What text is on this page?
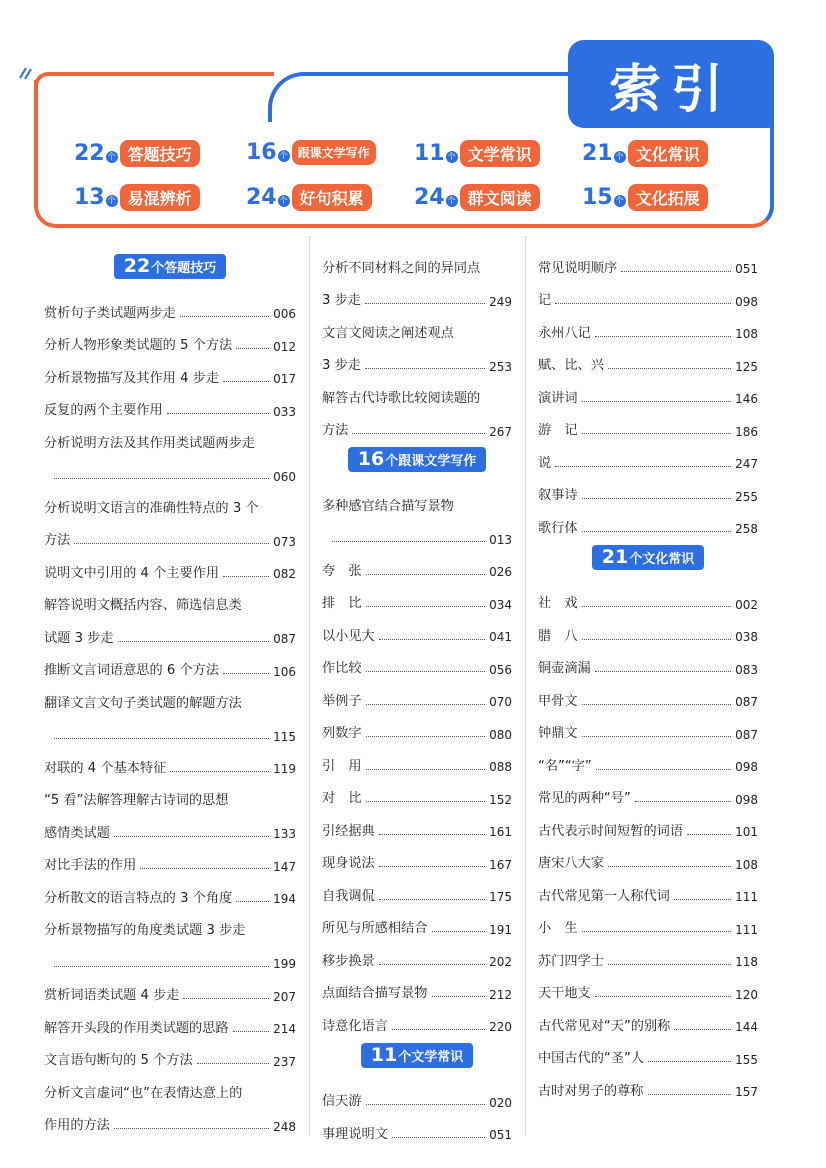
索引
22 个 答题技巧	16 个 跟课文学写作 11 个 文学常识	21 个 文化常识
13 个 易混辨析	24 个 好句积累	24 个 群文阅读	15 个 文化拓展
22 个答题技巧
赏析句子类试题两步走	006
分析人物形象类试题的 5 个方法	012
分析景物描写及其作用 4 步走	017
反复的两个主要作用	033
分析说明方法及其作用类试题两步走
060
分析说明文语言的准确性特点的 3 个
方法	073
说明文中引用的 4 个主要作用	082
解答说明文概括内容、筛选信息类
试题 3 步走	087
推断文言词语意思的 6 个方法	106
翻译文言文句子类试题的解题方法
115
对联的 4 个基本特征	119
“5 看”法解答理解古诗词的思想
感情类试题	133
对比手法的作用	147
分析散文的语言特点的 3 个角度	194
分析景物描写的角度类试题 3 步走
199
赏析词语类试题 4 步走	207
解答开头段的作用类试题的思路	214
文言语句断句的 5 个方法	237
分析文言虚词“也”在表情达意上的
作用的方法	248
分析不同材料之间的异同点
3 步走	249
文言文阅读之阐述观点
3 步走	253
解答古代诗歌比较阅读题的
方法	267
16 个跟课文学写作
多种感官结合描写景物
013
夸　张	026
排　比	034
以小见大	041
作比较	056
举例子	070
列数字	080
引　用	088
对　比	152
引经据典	161
现身说法	167
自我调侃	175
所见与所感相结合	191
移步换景	202
点面结合描写景物	212
诗意化语言	220
11 个文学常识
信天游	020
事理说明文	051
常见说明顺序	051
记	098
永州八记	108
赋、比、兴	125
演讲词	146
游　记	186
说	247
叙事诗	255
歌行体	258
21 个文化常识
社　戏	002
腊　八	038
铜壶滴漏	083
甲骨文	087
钟鼎文	087
“名”“字”	098
常见的两种“号”	098
古代表示时间短暂的词语	101
唐宋八大家	108
古代常见第一人称代词	111
小　生	111
苏门四学士	118
天干地支	120
古代常见对“天”的别称	144
中国古代的“圣”人	155
古时对男子的尊称	157
